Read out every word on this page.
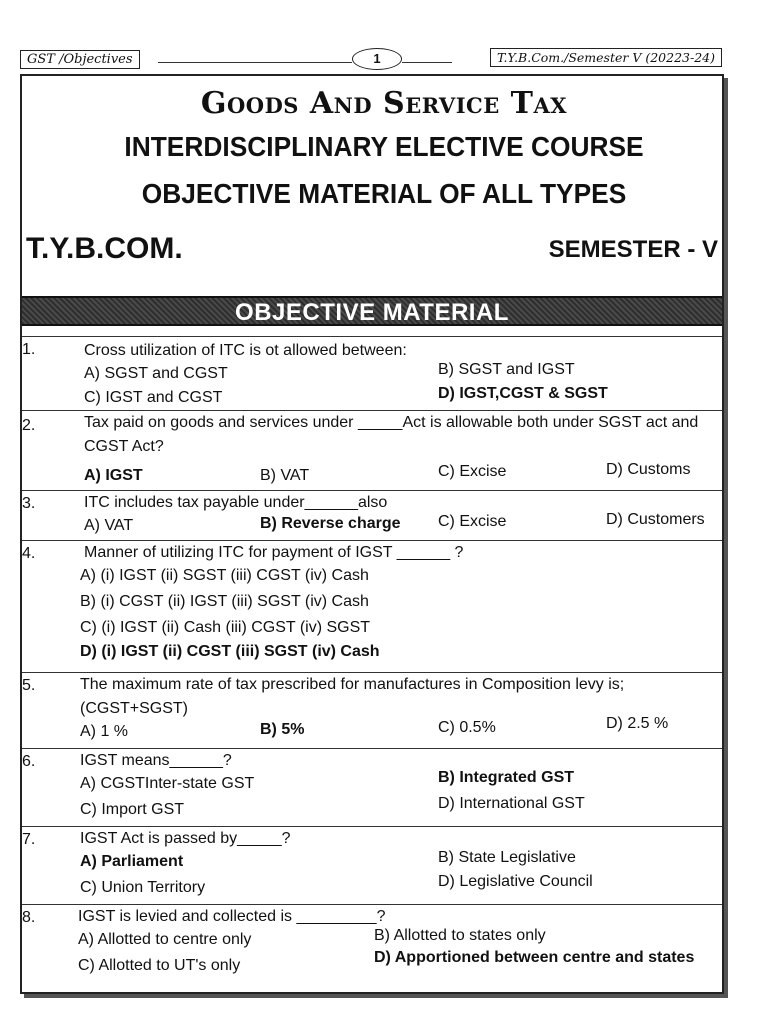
GST /Objectives	1	T.Y.B.Com./Semester V (20223-24)
Goods And Service Tax
INTERDISCIPLINARY ELECTIVE COURSE
OBJECTIVE MATERIAL OF ALL TYPES
T.Y.B.COM.	SEMESTER - V
OBJECTIVE MATERIAL
1.	Cross utilization of ITC is ot allowed between:
A) SGST and CGST	B) SGST and IGST
C) IGST and CGST	D) IGST,CGST & SGST
2.	Tax paid on goods and services under _____Act is allowable both under SGST act and CGST Act?
A) IGST	B) VAT	C) Excise	D) Customs
3.	ITC includes tax payable under______also
A) VAT	B) Reverse charge C) Excise	D) Customers
4.	Manner of utilizing ITC for payment of IGST ______ ?
A) (i) IGST (ii) SGST (iii) CGST (iv) Cash
B) (i) CGST (ii) IGST (iii) SGST (iv) Cash
C) (i) IGST (ii) Cash (iii) CGST (iv) SGST
D) (i) IGST (ii) CGST (iii) SGST (iv) Cash
5.	The maximum rate of tax prescribed for manufactures in Composition levy is; (CGST+SGST)
A) 1 %	B) 5%	C) 0.5%	D) 2.5 %
6.	IGST means______?
A) CGSTInter-state GST	B) Integrated GST
C) Import GST	D) International GST
7.	IGST Act is passed by_____?
A) Parliament	B) State Legislative
C) Union Territory	D) Legislative Council
8.	IGST is levied and collected is _________?
A) Allotted to centre only	B) Allotted to states only
C) Allotted to UT's only	D) Apportioned between centre and states
